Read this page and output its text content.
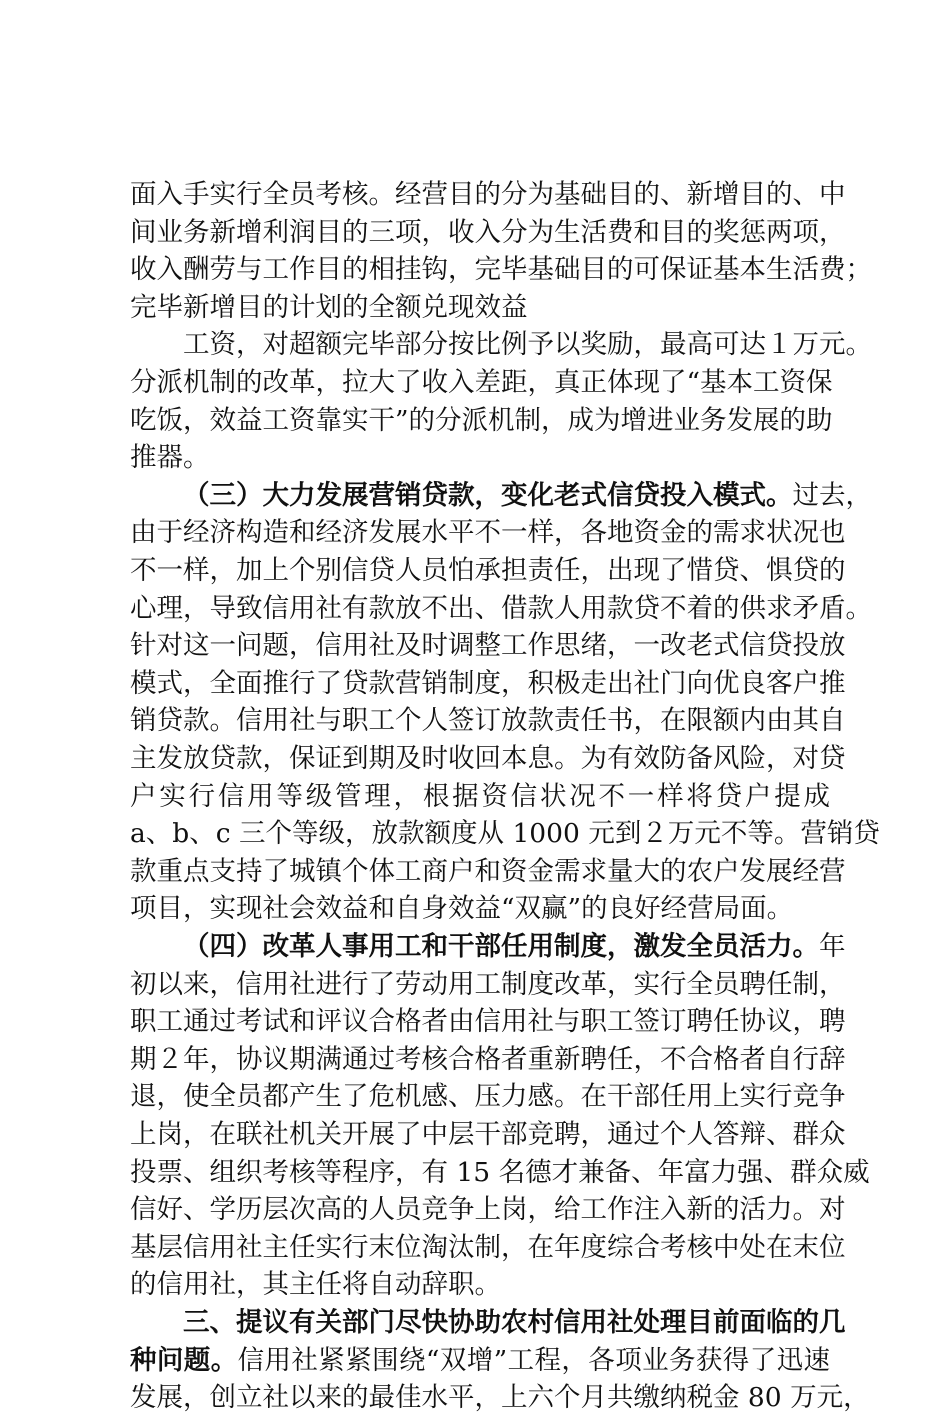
面入手实行全员考核。经营目的分为基础目的、新增目的、中
间业务新增利润目的三项，收入分为生活费和目的奖惩两项，
收入酬劳与工作目的相挂钩，完毕基础目的可保证基本生活费；
完毕新增目的计划的全额兑现效益
工资，对超额完毕部分按比例予以奖励，最高可达１万元。
分派机制的改革，拉大了收入差距，真正体现了“基本工资保
吃饭，效益工资靠实干”的分派机制，成为增进业务发展的助
推器。
（三）大力发展营销贷款，变化老式信贷投入模式。过去，
由于经济构造和经济发展水平不一样，各地资金的需求状况也
不一样，加上个别信贷人员怕承担责任，出现了惜贷、惧贷的
心理，导致信用社有款放不出、借款人用款贷不着的供求矛盾。
针对这一问题，信用社及时调整工作思绪，一改老式信贷投放
模式，全面推行了贷款营销制度，积极走出社门向优良客户推
销贷款。信用社与职工个人签订放款责任书，在限额内由其自
主发放贷款，保证到期及时收回本息。为有效防备风险，对贷
户实行信用等级管理，根据资信状况不一样将贷户提成
a、b、c 三个等级，放款额度从 1000 元到２万元不等。营销贷
款重点支持了城镇个体工商户和资金需求量大的农户发展经营
项目，实现社会效益和自身效益“双赢”的良好经营局面。
（四）改革人事用工和干部任用制度，激发全员活力。年
初以来，信用社进行了劳动用工制度改革，实行全员聘任制，
职工通过考试和评议合格者由信用社与职工签订聘任协议，聘
期２年，协议期满通过考核合格者重新聘任，不合格者自行辞
退，使全员都产生了危机感、压力感。在干部任用上实行竞争
上岗，在联社机关开展了中层干部竞聘，通过个人答辩、群众
投票、组织考核等程序，有 15 名德才兼备、年富力强、群众威
信好、学历层次高的人员竞争上岗，给工作注入新的活力。对
基层信用社主任实行末位淘汰制，在年度综合考核中处在末位
的信用社，其主任将自动辞职。
三、提议有关部门尽快协助农村信用社处理目前面临的几
种问题。信用社紧紧围绕“双增”工程，各项业务获得了迅速
发展，创立社以来的最佳水平，上六个月共缴纳税金 80 万元，
